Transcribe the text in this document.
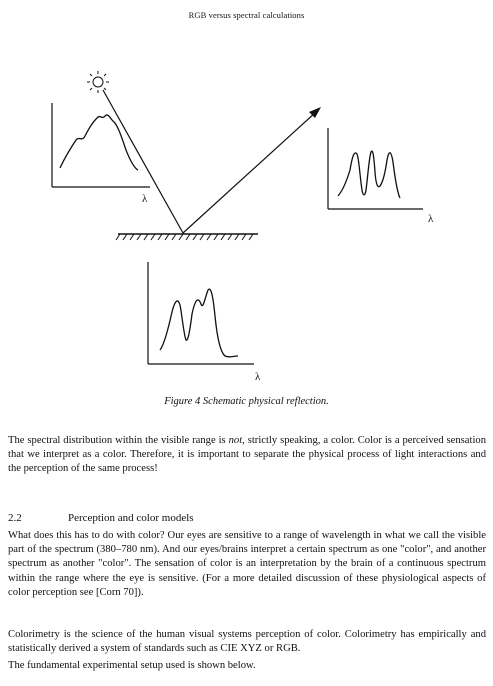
RGB versus spectral calculations
λ
λ
λ
Figure 4 Schematic physical reflection.

The spectral distribution within the visible range is not, strictly speaking, a color. Color is a perceived sensation that we interpret as a color. Therefore, it is important to separate the physical process of light interactions and the perception of the same process!

2.2	Perception and color models

What does this has to do with color? Our eyes are sensitive to a range of wavelength in what we call the visible part of the spectrum (380–780 nm). And our eyes/brains interpret a certain spectrum as one "color", and another spectrum as another "color". The sensation of color is an interpretation by the brain of a continuous spectrum within the range where the eye is sensitive. (For a more detailed discussion of these physiological aspects of color perception see [Corn 70]).

Colorimetry is the science of the human visual systems perception of color. Colorimetry has empirically and statistically derived a system of standards such as CIE XYZ or RGB.

The fundamental experimental setup used is shown below.
